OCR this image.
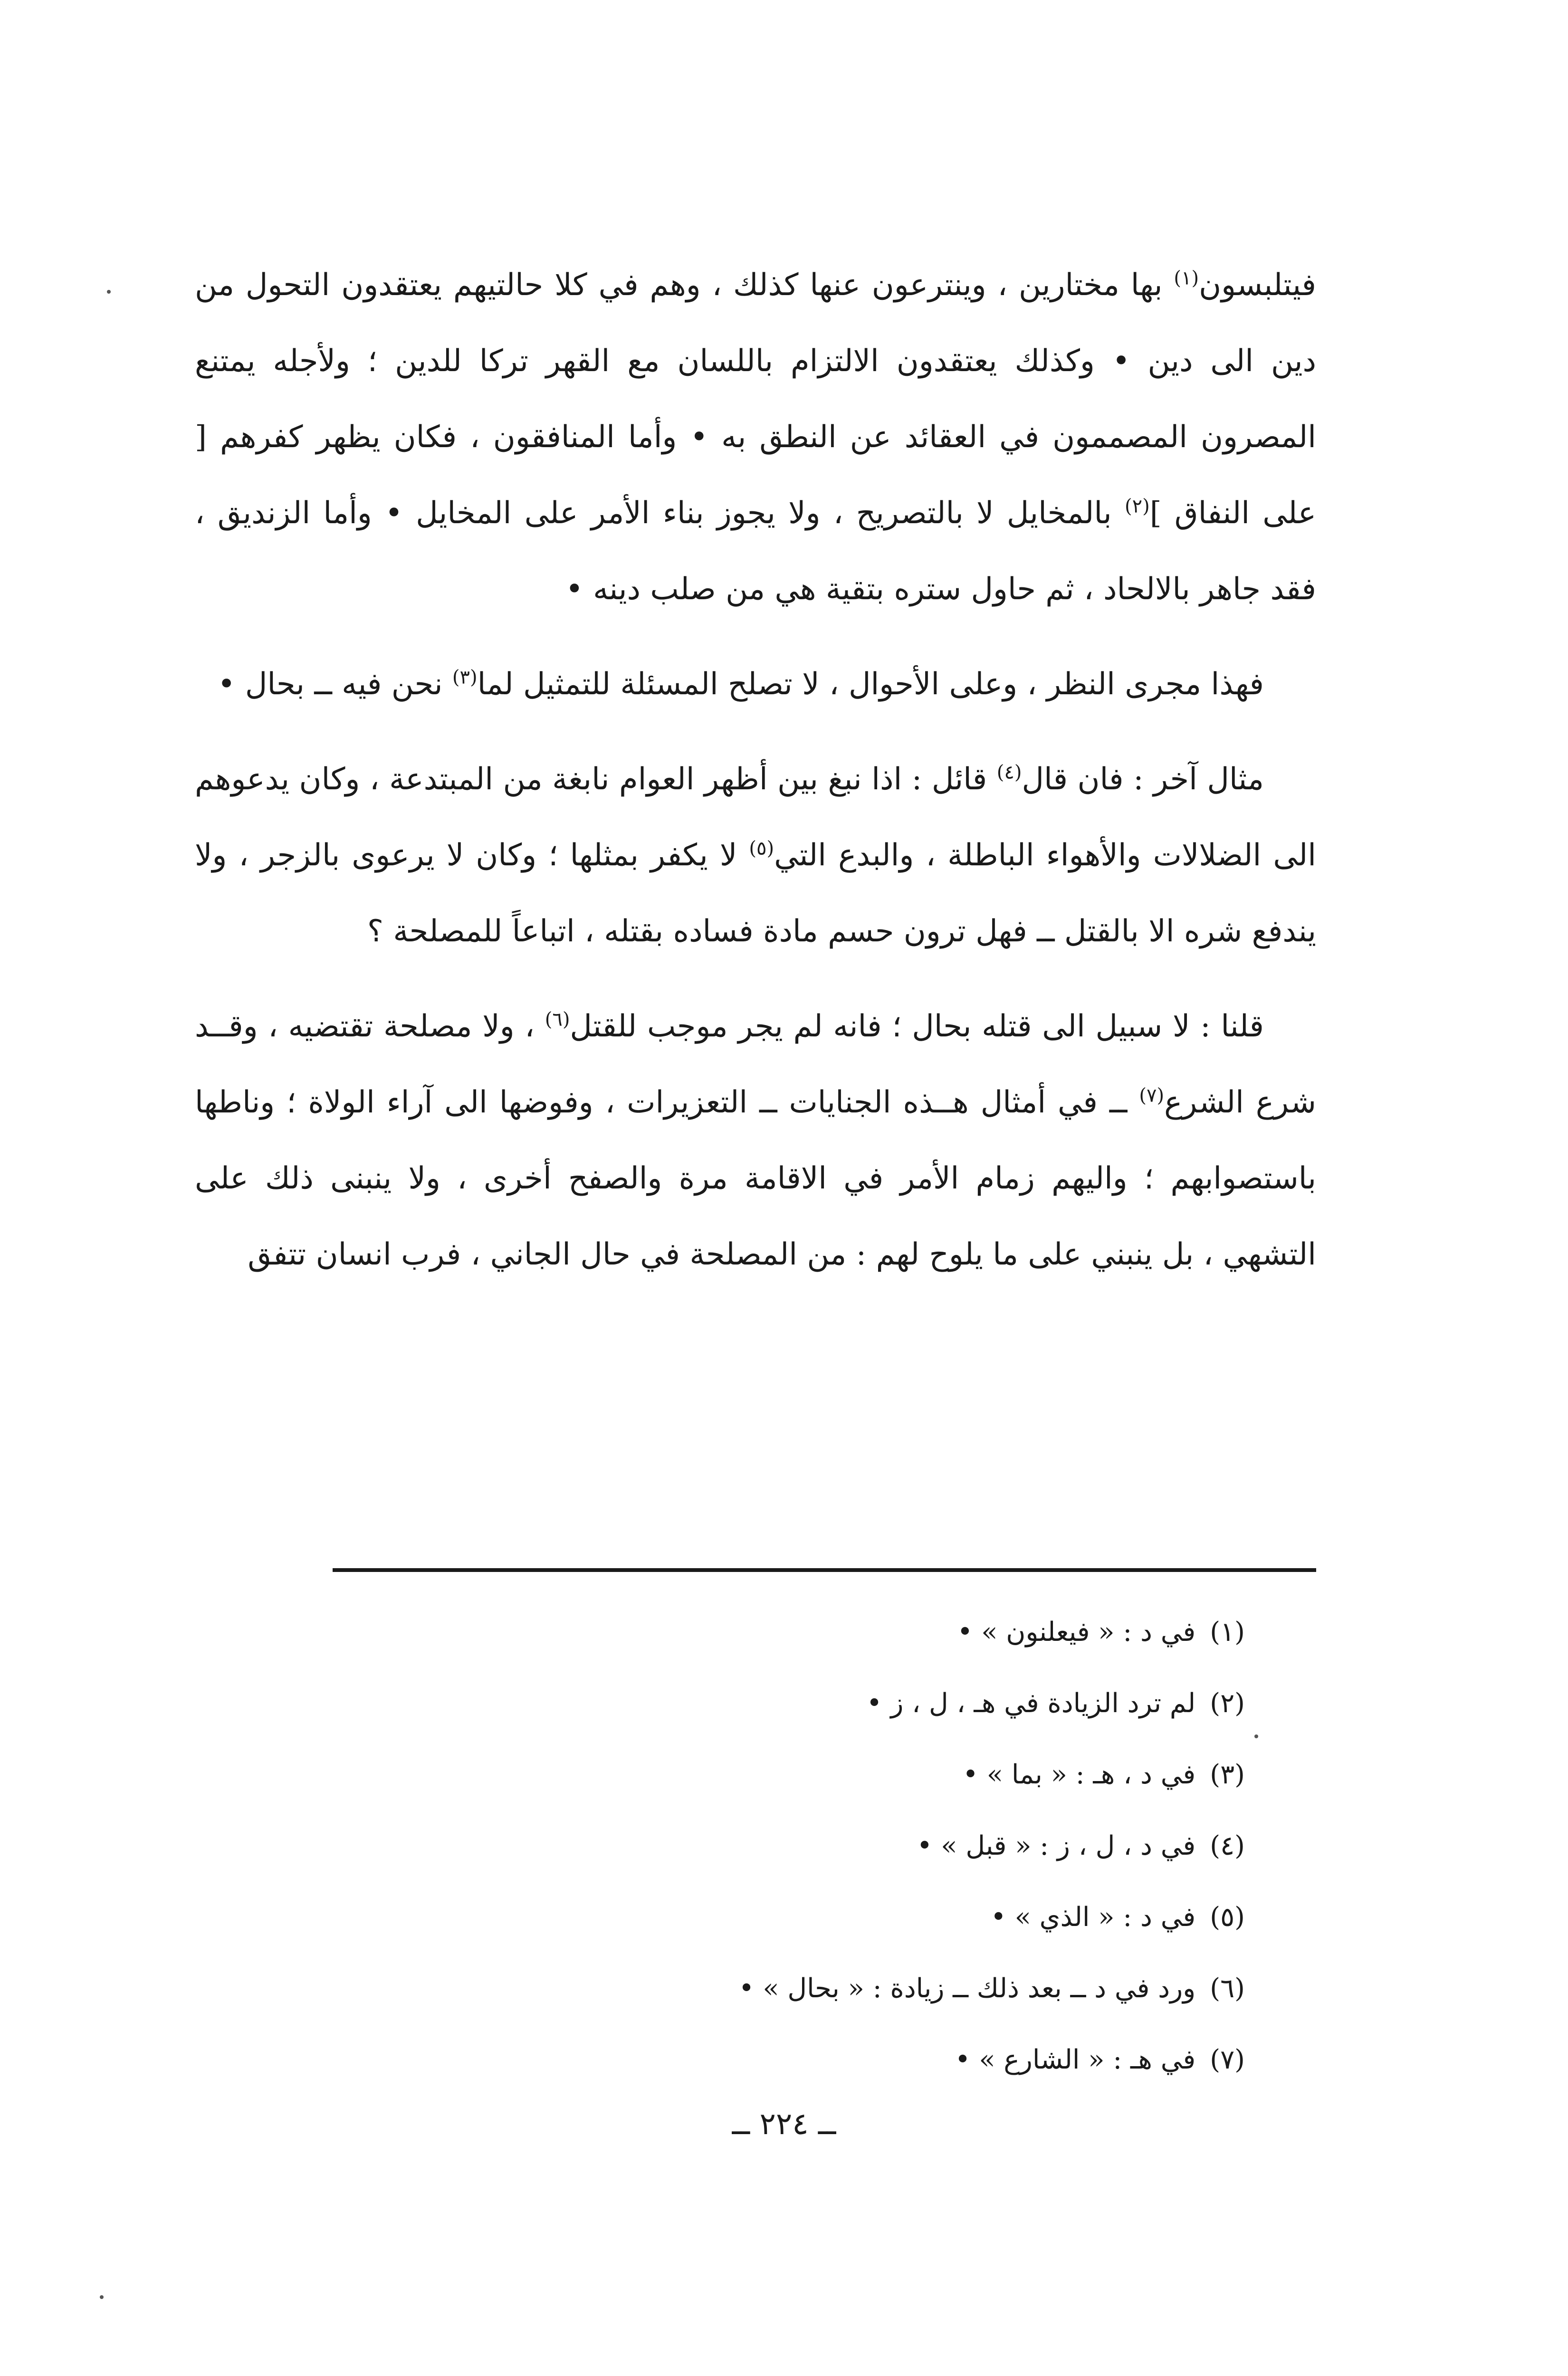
فيتلبسون$^{(١)}$ بها مختارين ، وينترعون عنها كذلك ، وهم في كلا حالتيهم يعتقدون التحول من دين الى دين • وكذلك يعتقدون الالتزام باللسان مع القهر تركا للدين ؛ ولأجله يمتنع المصرون المصممون في العقائد عن النطق به • وأما المنافقون ، فكان يظهر كفرهم [ على النفاق ]$^{(٢)}$ بالمخايل لا بالتصريح ، ولا يجوز بناء الأمر على المخايل • وأما الزنديق ، فقد جاهر بالالحاد ، ثم حاول ستره بتقية هي من صلب دينه •

فهذا مجرى النظر ، وعلى الأحوال ، لا تصلح المسئلة للتمثيل لما$^{(٣)}$ نحن فيه ــ بحال •

مثال آخر : فان قال$^{(٤)}$ قائل : اذا نبغ بين أظهر العوام نابغة من المبتدعة ، وكان يدعوهم الى الضلالات والأهواء الباطلة ، والبدع التي$^{(٥)}$ لا يكفر بمثلها ؛ وكان لا يرعوى بالزجر ، ولا يندفع شره الا بالقتل ــ فهل ترون حسم مادة فساده بقتله ، اتباعاً للمصلحة ؟

قلنا : لا سبيل الى قتله بحال ؛ فانه لم يجر موجب للقتل$^{(٦)}$ ، ولا مصلحة تقتضيه ، وقــد شرع الشرع$^{(٧)}$ ــ في أمثال هــذه الجنايات ــ التعزيرات ، وفوضها الى آراء الولاة ؛ وناطها باستصوابهم ؛ واليهم زمام الأمر في الاقامة مرة والصفح أخرى ، ولا ينبنى ذلك على التشهي ، بل ينبني على ما يلوح لهم : من المصلحة في حال الجاني ، فرب انسان تتفق

(١)في د : « فيعلنون » •
(٢)لم ترد الزيادة في هـ ، ل ، ز •
(٣)في د ، هـ : « بما » •
(٤)في د ، ل ، ز : « قبل » •
(٥)في د : « الذي » •
(٦)ورد في د ــ بعد ذلك ــ زيادة : « بحال » •
(٧)في هـ : « الشارع » •
ــ ٢٢٤ ــ
